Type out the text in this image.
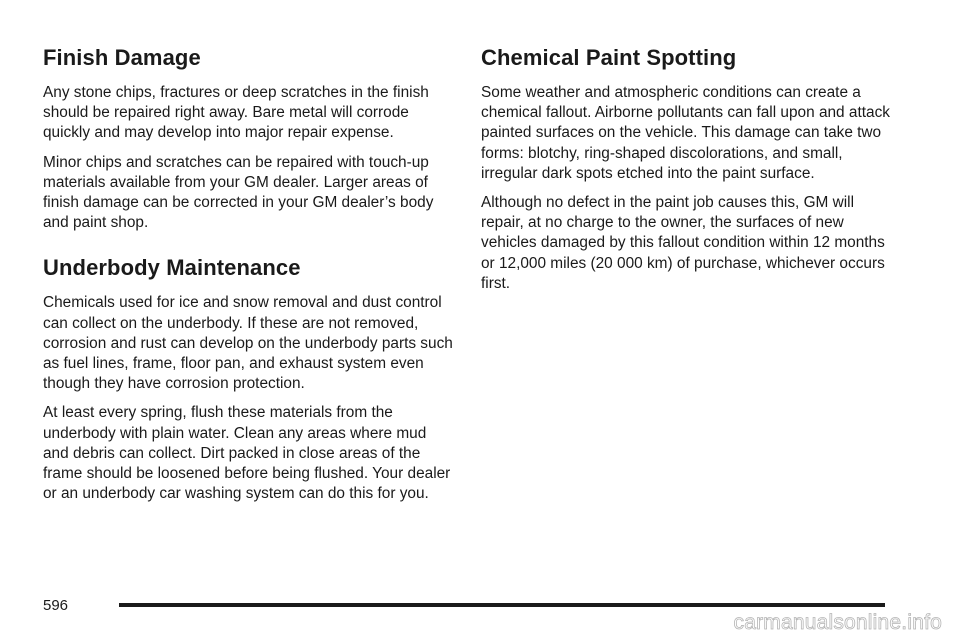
Finish Damage

Any stone chips, fractures or deep scratches in the finish should be repaired right away. Bare metal will corrode quickly and may develop into major repair expense.

Minor chips and scratches can be repaired with touch-up materials available from your GM dealer. Larger areas of finish damage can be corrected in your GM dealer’s body and paint shop.

Underbody Maintenance

Chemicals used for ice and snow removal and dust control can collect on the underbody. If these are not removed, corrosion and rust can develop on the underbody parts such as fuel lines, frame, floor pan, and exhaust system even though they have corrosion protection.

At least every spring, flush these materials from the underbody with plain water. Clean any areas where mud and debris can collect. Dirt packed in close areas of the frame should be loosened before being flushed. Your dealer or an underbody car washing system can do this for you.

Chemical Paint Spotting

Some weather and atmospheric conditions can create a chemical fallout. Airborne pollutants can fall upon and attack painted surfaces on the vehicle. This damage can take two forms: blotchy, ring-shaped discolorations, and small, irregular dark spots etched into the paint surface.

Although no defect in the paint job causes this, GM will repair, at no charge to the owner, the surfaces of new vehicles damaged by this fallout condition within 12 months or 12,000 miles (20 000 km) of purchase, whichever occurs first.

596
carmanualsonline.info
